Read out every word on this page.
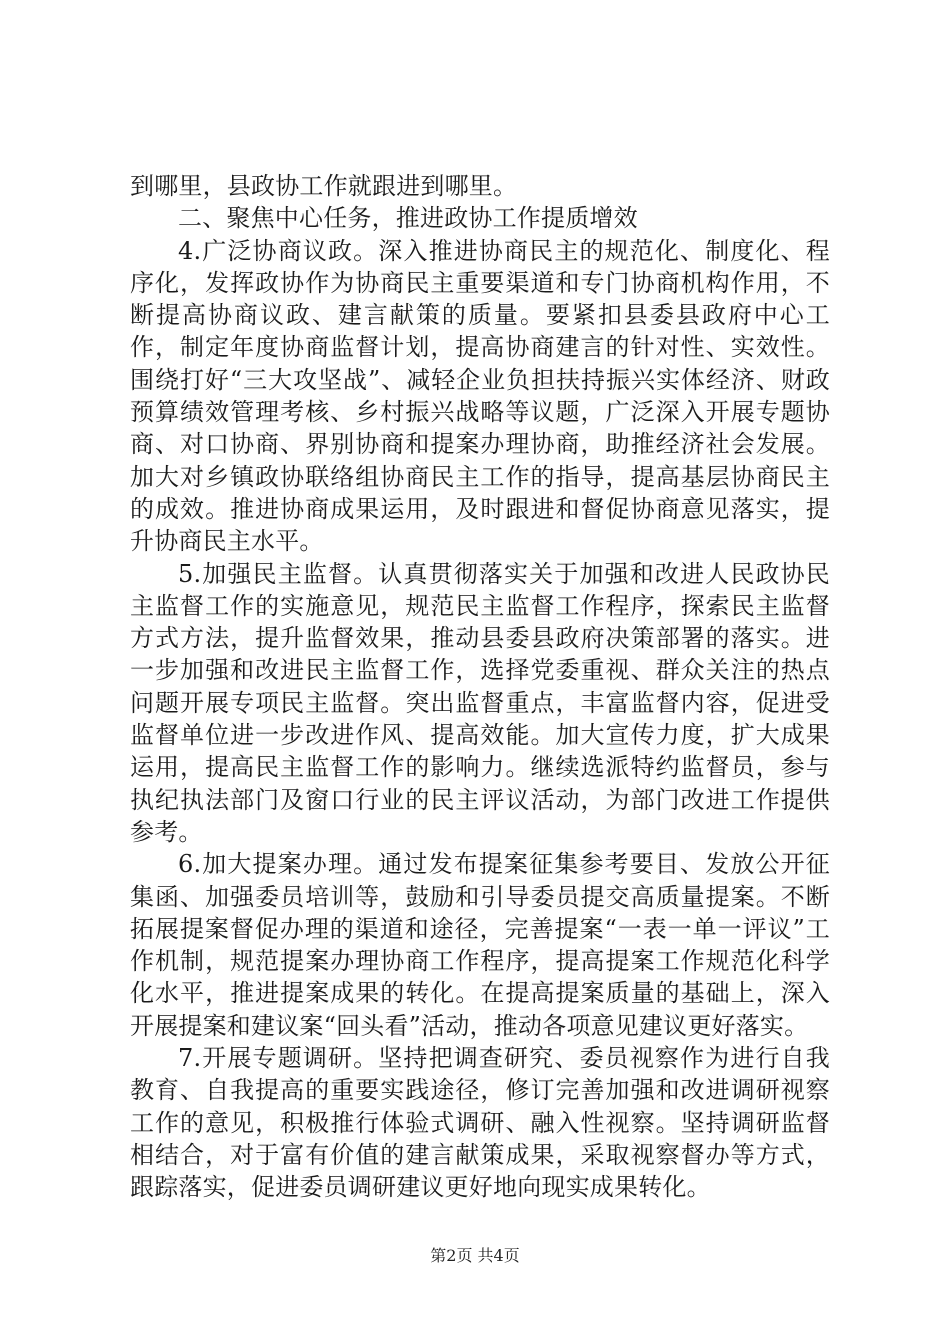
到哪里，县政协工作就跟进到哪里。

二、聚焦中心任务，推进政协工作提质增效

4.广泛协商议政。深入推进协商民主的规范化、制度化、程序化，发挥政协作为协商民主重要渠道和专门协商机构作用，不断提高协商议政、建言献策的质量。要紧扣县委县政府中心工作，制定年度协商监督计划，提高协商建言的针对性、实效性。围绕打好“三大攻坚战”、减轻企业负担扶持振兴实体经济、财政预算绩效管理考核、乡村振兴战略等议题，广泛深入开展专题协商、对口协商、界别协商和提案办理协商，助推经济社会发展。加大对乡镇政协联络组协商民主工作的指导，提高基层协商民主的成效。推进协商成果运用，及时跟进和督促协商意见落实，提升协商民主水平。

5.加强民主监督。认真贯彻落实关于加强和改进人民政协民主监督工作的实施意见，规范民主监督工作程序，探索民主监督方式方法，提升监督效果，推动县委县政府决策部署的落实。进一步加强和改进民主监督工作，选择党委重视、群众关注的热点问题开展专项民主监督。突出监督重点，丰富监督内容，促进受监督单位进一步改进作风、提高效能。加大宣传力度，扩大成果运用，提高民主监督工作的影响力。继续选派特约监督员，参与执纪执法部门及窗口行业的民主评议活动，为部门改进工作提供参考。

6.加大提案办理。通过发布提案征集参考要目、发放公开征集函、加强委员培训等，鼓励和引导委员提交高质量提案。不断拓展提案督促办理的渠道和途径，完善提案“一表一单一评议”工作机制，规范提案办理协商工作程序，提高提案工作规范化科学化水平，推进提案成果的转化。在提高提案质量的基础上，深入开展提案和建议案“回头看”活动，推动各项意见建议更好落实。

7.开展专题调研。坚持把调查研究、委员视察作为进行自我教育、自我提高的重要实践途径，修订完善加强和改进调研视察工作的意见，积极推行体验式调研、融入性视察。坚持调研监督相结合，对于富有价值的建言献策成果，采取视察督办等方式，跟踪落实，促进委员调研建议更好地向现实成果转化。

第2页 共4页
